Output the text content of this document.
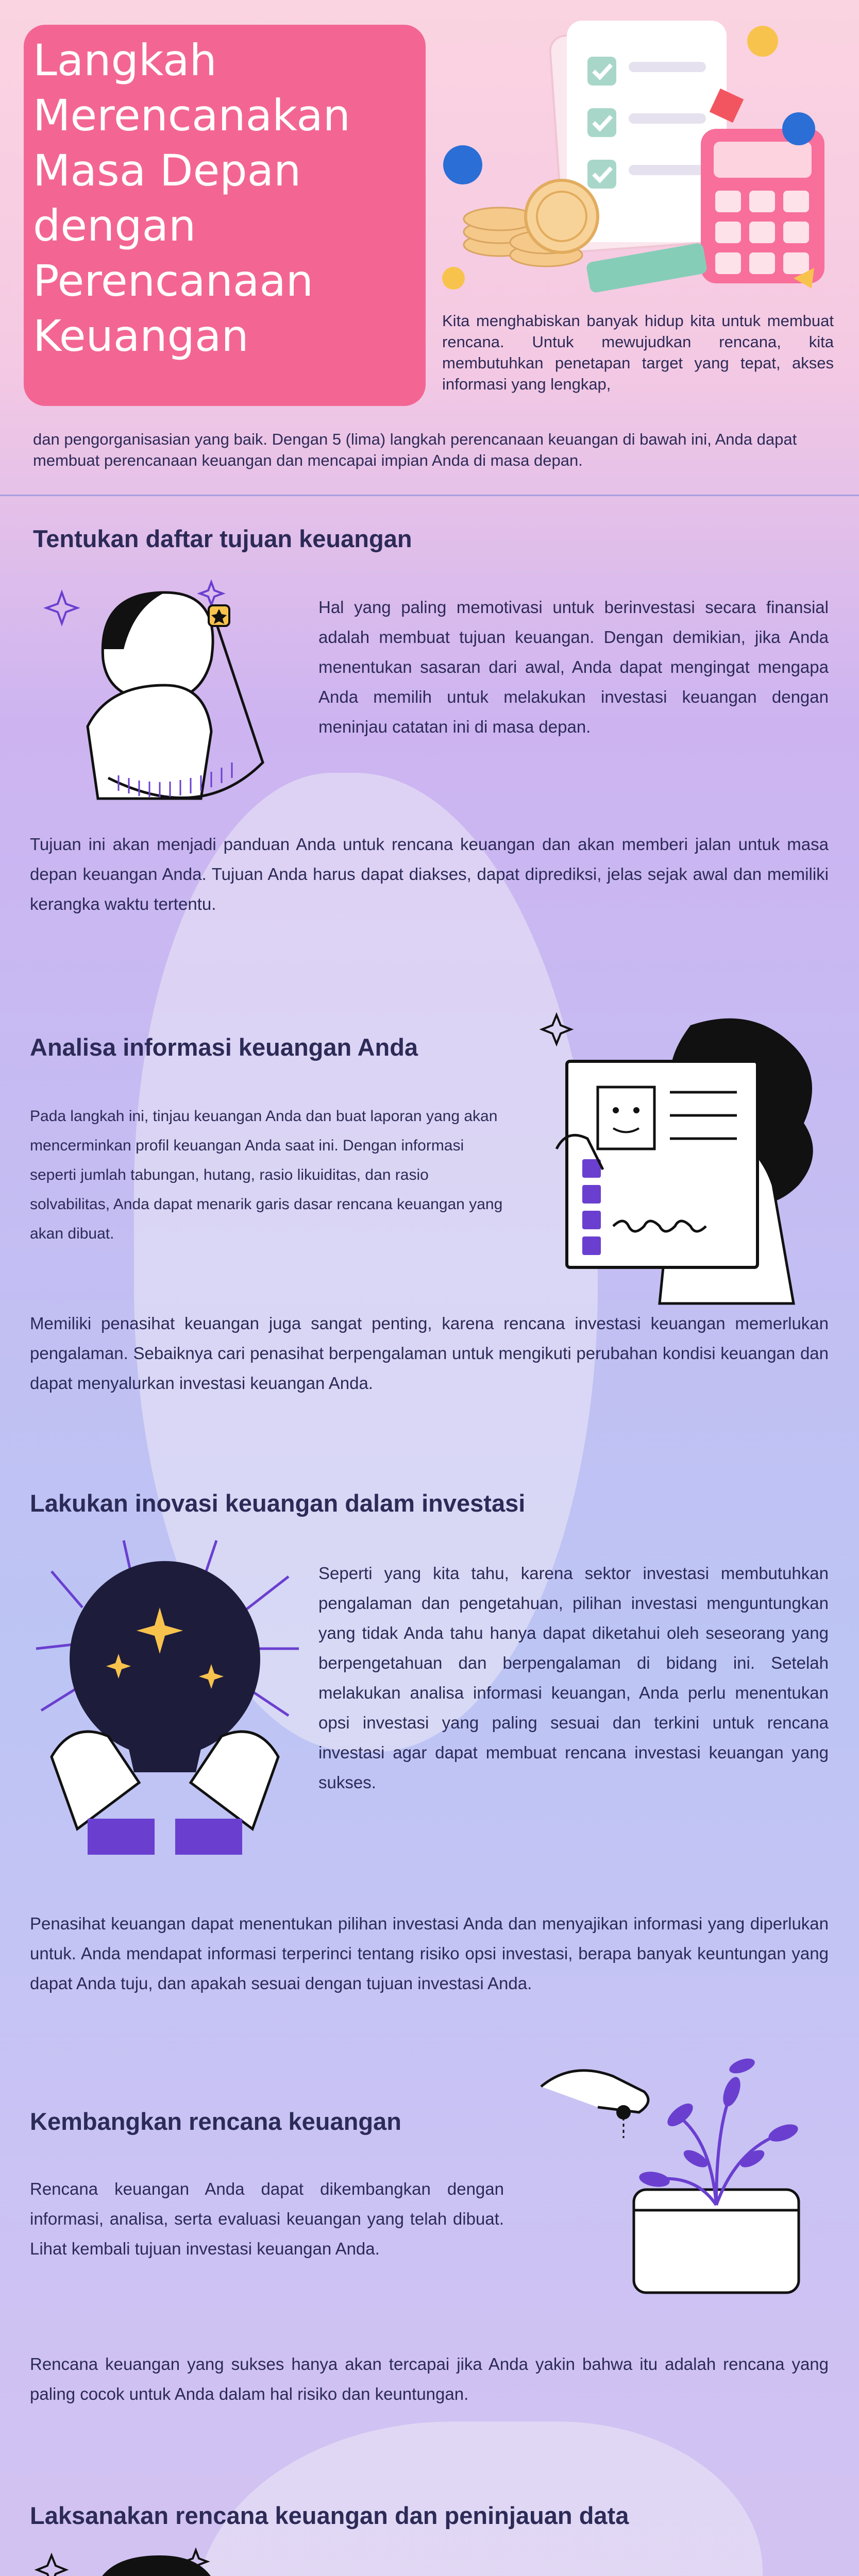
Langkah
Merencanakan
Masa Depan
dengan
Perencanaan
Keuangan	Kita menghabiskan banyak hidup kita untuk membuat rencana. Untuk mewujudkan rencana, kita membutuhkan penetapan target yang tepat, akses informasi yang lengkap,

dan pengorganisasian yang baik. Dengan 5 (lima) langkah perencanaan keuangan di bawah ini, Anda dapat membuat perencanaan keuangan dan mencapai impian Anda di masa depan.

Tentukan daftar tujuan keuangan

Hal yang paling memotivasi untuk berinvestasi secara finansial adalah membuat tujuan keuangan. Dengan demikian, jika Anda menentukan sasaran dari awal, Anda dapat mengingat mengapa Anda memilih untuk melakukan investasi keuangan dengan meninjau catatan ini di masa depan.

Tujuan ini akan menjadi panduan Anda untuk rencana keuangan dan akan memberi jalan untuk masa depan keuangan Anda. Tujuan Anda harus dapat diakses, dapat diprediksi, jelas sejak awal dan memiliki kerangka waktu tertentu.

Analisa informasi keuangan Anda

Pada langkah ini, tinjau keuangan Anda dan buat laporan yang akan mencerminkan profil keuangan Anda saat ini. Dengan informasi seperti jumlah tabungan, hutang, rasio likuiditas, dan rasio solvabilitas, Anda dapat menarik garis dasar rencana keuangan yang akan dibuat.

Memiliki penasihat keuangan juga sangat penting, karena rencana investasi keuangan memerlukan pengalaman. Sebaiknya cari penasihat berpengalaman untuk mengikuti perubahan kondisi keuangan dan dapat menyalurkan investasi keuangan Anda.

Lakukan inovasi keuangan dalam investasi

Seperti yang kita tahu, karena sektor investasi membutuhkan pengalaman dan pengetahuan, pilihan investasi menguntungkan yang tidak Anda tahu hanya dapat diketahui oleh seseorang yang berpengetahuan dan berpengalaman di bidang ini. Setelah melakukan analisa informasi keuangan, Anda perlu menentukan opsi investasi yang paling sesuai dan terkini untuk rencana investasi agar dapat membuat rencana investasi keuangan yang sukses.

Penasihat keuangan dapat menentukan pilihan investasi Anda dan menyajikan informasi yang diperlukan untuk. Anda mendapat informasi terperinci tentang risiko opsi investasi, berapa banyak keuntungan yang dapat Anda tuju, dan apakah sesuai dengan tujuan investasi Anda.

Kembangkan rencana keuangan

Rencana keuangan Anda dapat dikembangkan dengan informasi, analisa, serta evaluasi keuangan yang telah dibuat. Lihat kembali tujuan investasi keuangan Anda.

Rencana keuangan yang sukses hanya akan tercapai jika Anda yakin bahwa itu adalah rencana yang paling cocok untuk Anda dalam hal risiko dan keuntungan.

Laksanakan rencana keuangan dan peninjauan data
